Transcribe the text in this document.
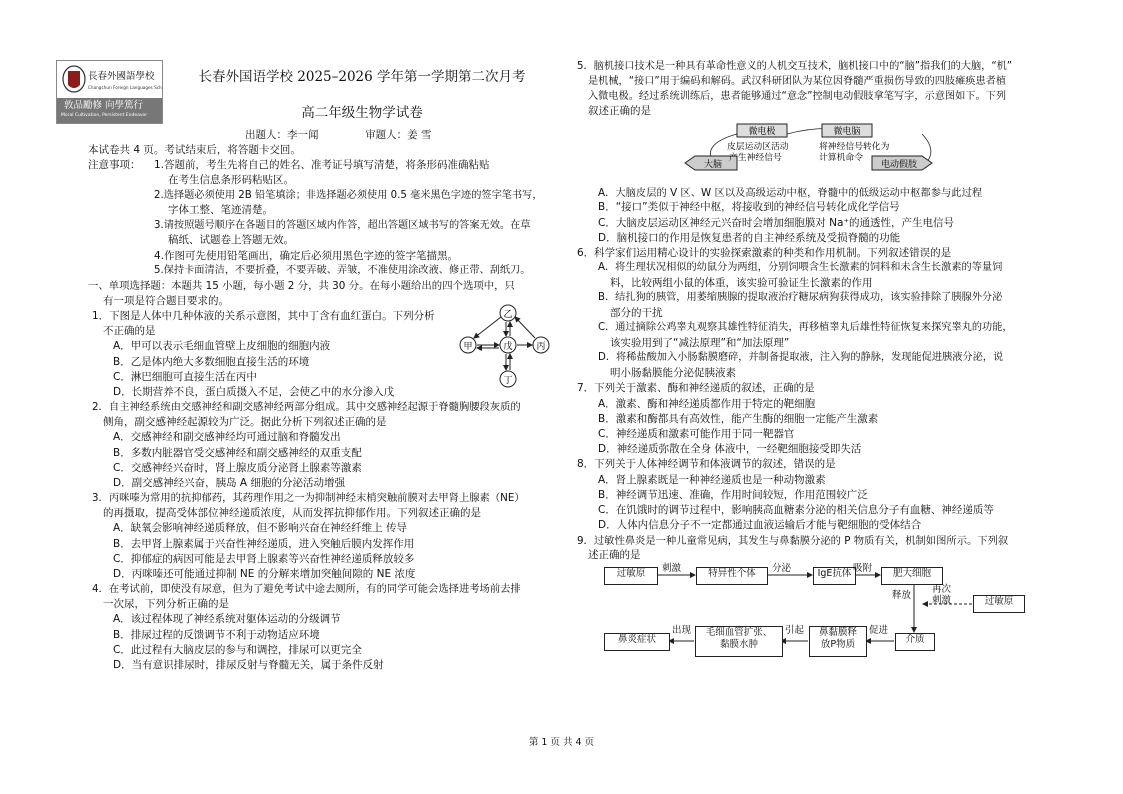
長春外國語學校
Changchun Foreign Languages School
敦品勵修 向學篤行
Moral Cultivation, Persistent Endeavor
长春外国语学校 2025–2026 学年第一学期第二次月考
高二年级生物学试卷
出题人：李一闻	审题人：姜 雪

本试卷共 4 页。考试结束后，将答题卡交回。

注意事项：	1.答题前，考生先将自己的姓名、准考证号填写清楚，将条形码准确粘贴

在考生信息条形码粘贴区。

2.选择题必须使用 2B 铅笔填涂；非选择题必须使用 0.5 毫米黑色字迹的签字笔书写，

字体工整、笔迹清楚。

3.请按照题号顺序在各题目的答题区域内作答，超出答题区域书写的答案无效。在草

稿纸、试题卷上答题无效。

4.作图可先使用铅笔画出，确定后必须用黑色字迹的签字笔描黑。

5.保持卡面清洁，不要折叠，不要弄破、弄皱，不准使用涂改液、修正带、刮纸刀。

一、单项选择题：本题共 15 小题，每小题 2 分，共 30 分。在每小题给出的四个选项中，只

有一项是符合题目要求的。

1．下图是人体中几种体液的关系示意图，其中丁含有血红蛋白。下列分析

不正确的是

A．甲可以表示毛细血管壁上皮细胞的细胞内液

B．乙是体内绝大多数细胞直接生活的环境

C．淋巴细胞可直接生活在丙中

D．长期营养不良，蛋白质摄入不足，会使乙中的水分渗入戊

乙
甲	戊	丙
丁

2．自主神经系统由交感神经和副交感神经两部分组成。其中交感神经起源于脊髓胸腰段灰质的

侧角，副交感神经起源较为广泛。据此分析下列叙述正确的是

A．交感神经和副交感神经均可通过脑和脊髓发出

B．多数内脏器官受交感神经和副交感神经的双重支配

C．交感神经兴奋时，肾上腺皮质分泌肾上腺素等激素

D．副交感神经兴奋，胰岛 A 细胞的分泌活动增强

3．丙咪嗪为常用的抗抑郁药，其药理作用之一为抑制神经末梢突触前膜对去甲肾上腺素（NE）

的再摄取，提高受体部位神经递质浓度，从而发挥抗抑郁作用。下列叙述正确的是

A．缺氧会影响神经递质释放，但不影响兴奋在神经纤维上 传导

B．去甲肾上腺素属于兴奋性神经递质，进入突触后膜内发挥作用

C．抑郁症的病因可能是去甲肾上腺素等兴奋性神经递质释放较多

D．丙咪嗪还可能通过抑制 NE 的分解来增加突触间隙的 NE 浓度

4．在考试前，即使没有尿意，但为了避免考试中途去厕所，有的同学可能会选择进考场前去排

一次尿，下列分析正确的是

A．该过程体现了神经系统对躯体运动的分级调节

B．排尿过程的反馈调节不利于动物适应环境

C．此过程有大脑皮层的参与和调控，排尿可以更完全

D．当有意识排尿时，排尿反射与脊髓无关，属于条件反射

5．脑机接口技术是一种具有革命性意义的人机交互技术，脑机接口中的“脑”指我们的大脑，“机”

是机械，“接口”用于编码和解码。武汉科研团队为某位因脊髓严重损伤导致的四肢瘫痪患者植

入微电极。经过系统训练后，患者能够通过“意念”控制电动假肢拿笔写字，示意图如下。下列

叙述正确的是

微电极	微电脑
大脑	电动假肢
皮层运动区活动
产生神经信号
将神经信号转化为
计算机命令

A．大脑皮层的 V 区、W 区以及高级运动中枢，脊髓中的低级运动中枢都参与此过程

B．“接口”类似于神经中枢，将接收到的神经信号转化成化学信号

C．大脑皮层运动区神经元兴奋时会增加细胞膜对 Na⁺的通透性，产生电信号

D．脑机接口的作用是恢复患者的自主神经系统及受损脊髓的功能

6．科学家们运用精心设计的实验探索激素的种类和作用机制。下列叙述错误的是

A．将生理状况相似的幼鼠分为两组，分别饲喂含生长激素的饲料和未含生长激素的等量饲

料，比较两组小鼠的体重，该实验可验证生长激素的作用

B．结扎狗的胰管，用萎缩胰腺的提取液治疗糖尿病狗获得成功，该实验排除了胰腺外分泌

部分的干扰

C．通过摘除公鸡睾丸观察其雄性特征消失，再移植睾丸后雄性特征恢复来探究睾丸的功能，

该实验用到了“减法原理”和“加法原理”

D．将稀盐酸加入小肠黏膜磨碎，并制备提取液，注入狗的静脉，发现能促进胰液分泌，说

明小肠黏膜能分泌促胰液素

7．下列关于激素、酶和神经递质的叙述，正确的是

A．激素、酶和神经递质都作用于特定的靶细胞

B．激素和酶都具有高效性，能产生酶的细胞一定能产生激素

C．神经递质和激素可能作用于同一靶器官

D．神经递质弥散在全身 体液中，一经靶细胞接受即失活

8．下列关于人体神经调节和体液调节的叙述，错误的是

A．肾上腺素既是一种神经递质也是一种动物激素

B．神经调节迅速、准确，作用时间较短，作用范围较广泛

C．在饥饿时的调节过程中，影响胰高血糖素分泌的相关信息分子有血糖、神经递质等

D．人体内信息分子不一定都通过血液运输后才能与靶细胞的受体结合

9．过敏性鼻炎是一种儿童常见病，其发生与鼻黏膜分泌的 P 物质有关，机制如图所示。下列叙

述正确的是

过敏原	刺激	特异性个体	分泌	IgE抗体 吸附	肥大细胞
释放
再次
刺激	过敏原
鼻炎症状
出现	毛细血管扩张、
黏膜水肿
引起	鼻黏膜释
放P物质
促进
介质
第 1 页 共 4 页
